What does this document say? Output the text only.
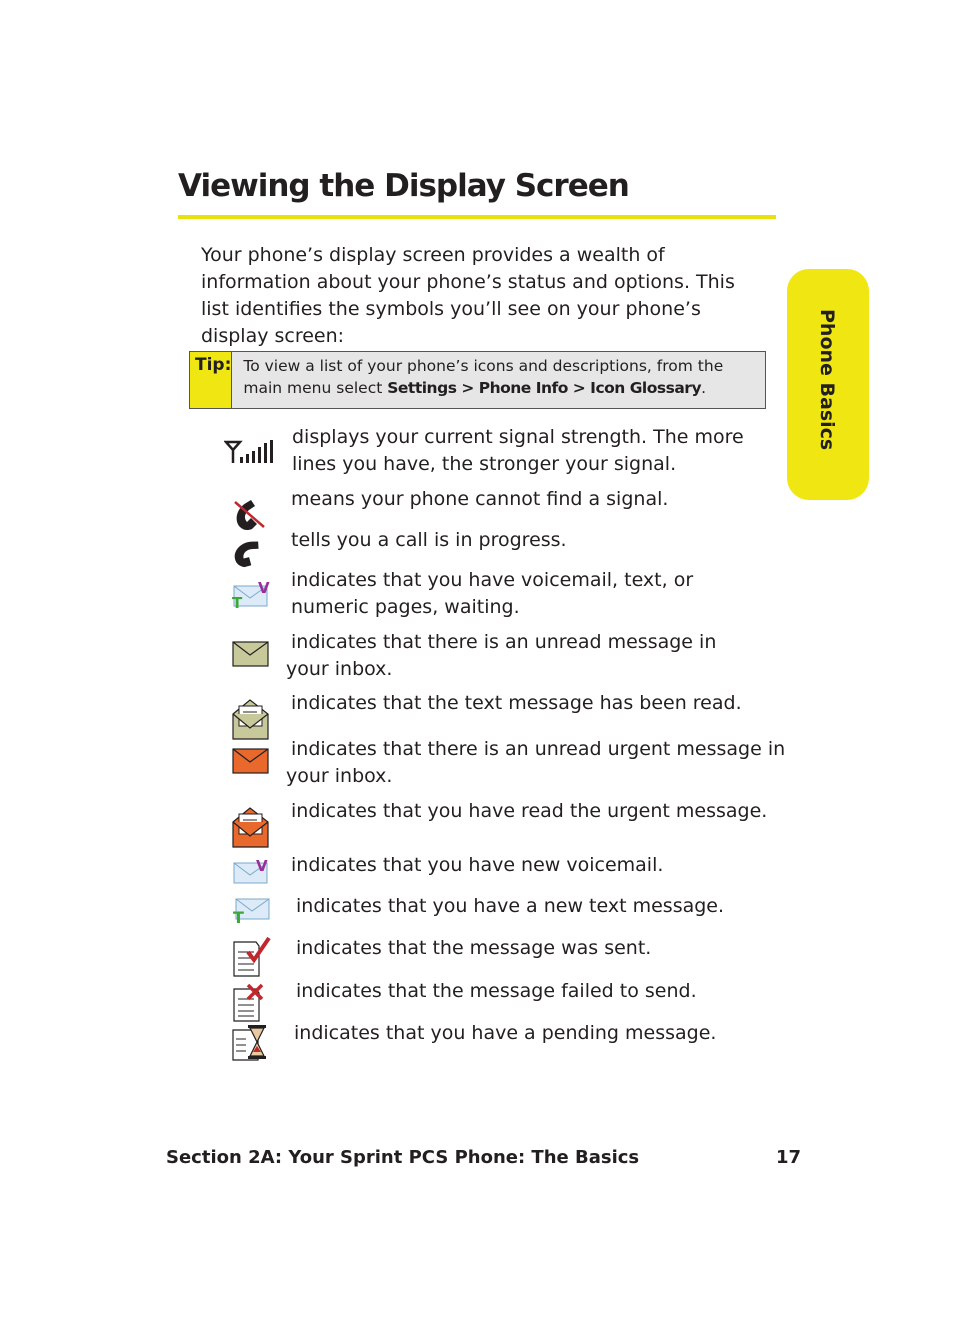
Viewing the Display Screen
Your phone’s display screen provides a wealth of information about your phone’s status and options. This list identifies the symbols you’ll see on your phone’s display screen:	Phone Basics
Tip: To view a list of your phone’s icons and descriptions, from the main menu select Settings > Phone Info > Icon Glossary.
displays your current signal strength. The more
lines you have, the stronger your signal.
means your phone cannot find a signal.
tells you a call is in progress.
T
V indicates that you have voicemail, text, or
numeric pages, waiting.
indicates that there is an unread message in
your inbox.
indicates that the text message has been read.
indicates that there is an unread urgent message in
your inbox.
indicates that you have read the urgent message.
V indicates that you have new voicemail.
T
indicates that you have a new text message.
indicates that the message was sent.
indicates that the message failed to send.
indicates that you have a pending message.
Section 2A: Your Sprint PCS Phone: The Basics	17
